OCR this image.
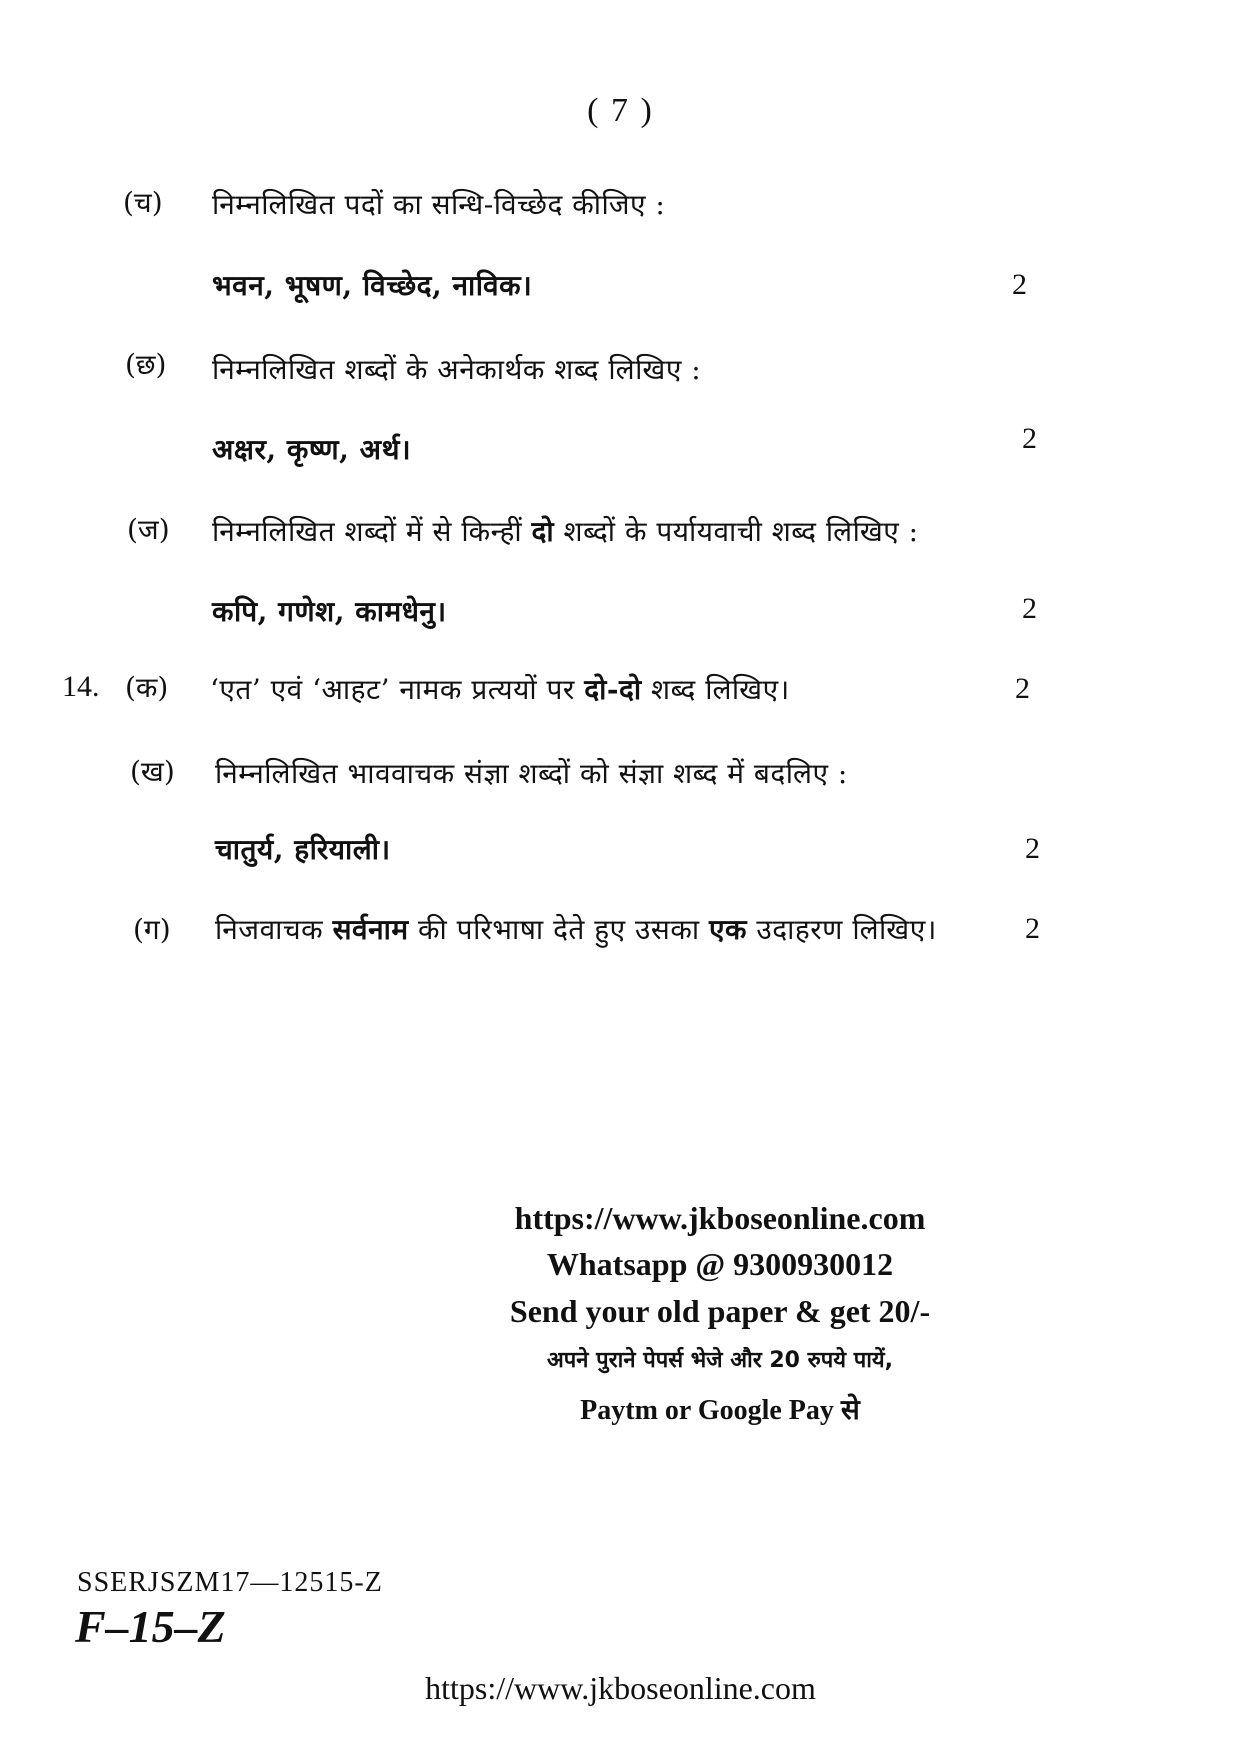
( 7 )
(च) निम्नलिखित पदों का सन्धि-विच्छेद कीजिए :
भवन, भूषण, विच्छेद, नाविक।	2
(छ) निम्नलिखित शब्दों के अनेकार्थक शब्द लिखिए :
अक्षर, कृष्ण, अर्थ।	2
(ज) निम्नलिखित शब्दों में से किन्हीं दो शब्दों के पर्यायवाची शब्द लिखिए :
कपि, गणेश, कामधेनु।	2
14. (क) ‘एत’ एवं ‘आहट’ नामक प्रत्ययों पर दो-दो शब्द लिखिए।	2
(ख) निम्नलिखित भाववाचक संज्ञा शब्दों को संज्ञा शब्द में बदलिए :
चातुर्य, हरियाली।	2
(ग) निजवाचक सर्वनाम की परिभाषा देते हुए उसका एक उदाहरण लिखिए।	2
https://www.jkboseonline.com
Whatsapp @ 9300930012
Send your old paper & get 20/-
अपने पुराने पेपर्स भेजे और 20 रुपये पायें,
Paytm or Google Pay से
SSERJSZM17—12515-Z
F–15–Z
https://www.jkboseonline.com
